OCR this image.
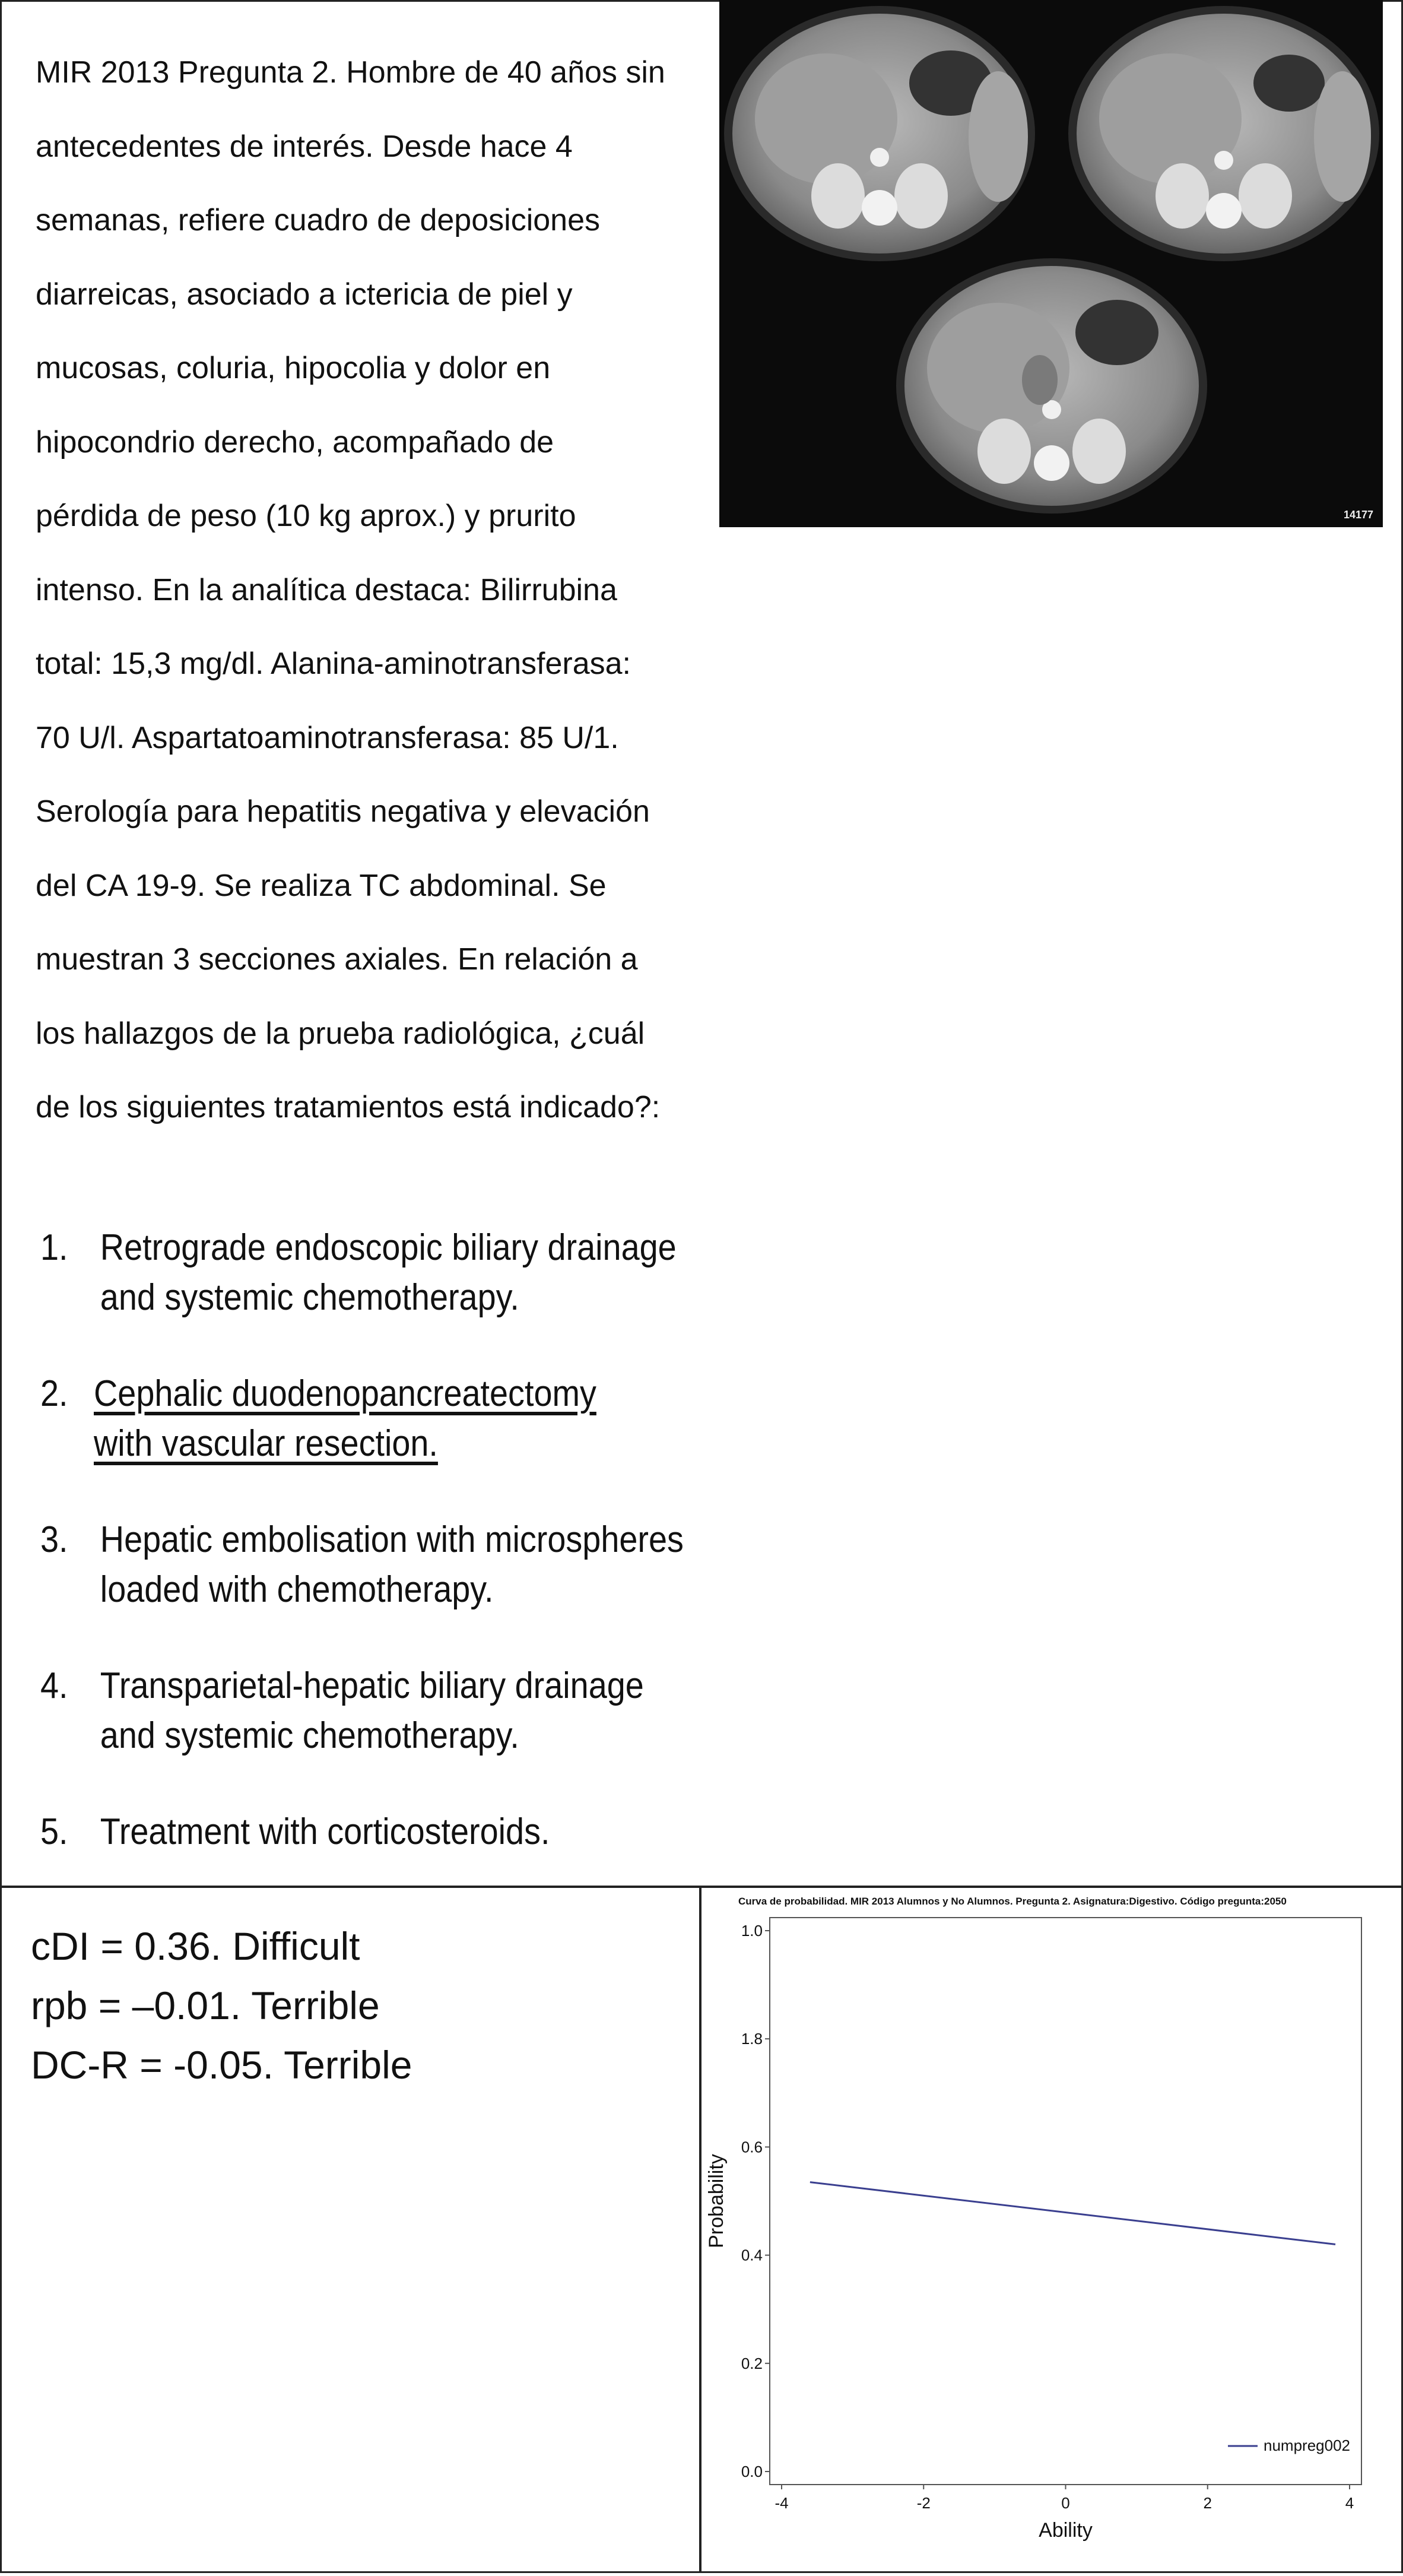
MIR 2013 Pregunta 2. Hombre de 40 años sin
antecedentes de interés. Desde hace 4
semanas, refiere cuadro de deposiciones
diarreicas, asociado a ictericia de piel y
mucosas, coluria, hipocolia y dolor en
hipocondrio derecho, acompañado de
pérdida de peso (10 kg aprox.) y prurito
intenso. En la analítica destaca: Bilirrubina
total: 15,3 mg/dl. Alanina-aminotransferasa:
70 U/l. Aspartatoaminotransferasa: 85 U/1.
Serología para hepatitis negativa y elevación
del CA 19-9. Se realiza TC abdominal. Se
muestran 3 secciones axiales. En relación a
los hallazgos de la prueba radiológica, ¿cuál
de los siguientes tratamientos está indicado?:
14177
1. Retrograde endoscopic biliary drainage
and systemic chemotherapy.
2. Cephalic duodenopancreatectomy
with vascular resection.
3. Hepatic embolisation with microspheres
loaded with chemotherapy.
4. Transparietal-hepatic biliary drainage
and systemic chemotherapy.
5. Treatment with corticosteroids.
cDI = 0.36. Difficult
rpb = –0.01. Terrible
DC-R = -0.05. Terrible
Curva de probabilidad. MIR 2013 Alumnos y No Alumnos. Pregunta 2. Asignatura:Digestivo. Código pregunta:2050
0.0
0.2
0.4
0.6
1.8
1.0
-4	-2	0	2	4
Ability
Probability
numpreg002
